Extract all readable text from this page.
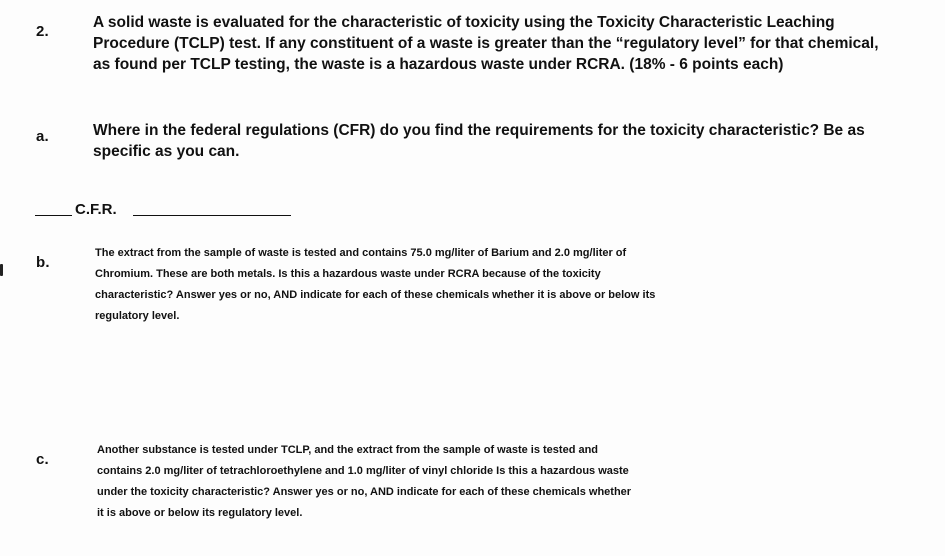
2.
A solid waste is evaluated for the characteristic of toxicity using the Toxicity Characteristic Leaching
Procedure (TCLP) test. If any constituent of a waste is greater than the “regulatory level” for that chemical,
as found per TCLP testing, the waste is a hazardous waste under RCRA. (18% - 6 points each)
a.	Where in the federal regulations (CFR) do you find the requirements for the toxicity characteristic? Be as
specific as you can.
C.F.R.
b.
The extract from the sample of waste is tested and contains 75.0 mg/liter of Barium and 2.0 mg/liter of
Chromium. These are both metals. Is this a hazardous waste under RCRA because of the toxicity
characteristic? Answer yes or no, AND indicate for each of these chemicals whether it is above or below its
regulatory level.
c.
Another substance is tested under TCLP, and the extract from the sample of waste is tested and
contains 2.0 mg/liter of tetrachloroethylene and 1.0 mg/liter of vinyl chloride Is this a hazardous waste
under the toxicity characteristic? Answer yes or no, AND indicate for each of these chemicals whether
it is above or below its regulatory level.
